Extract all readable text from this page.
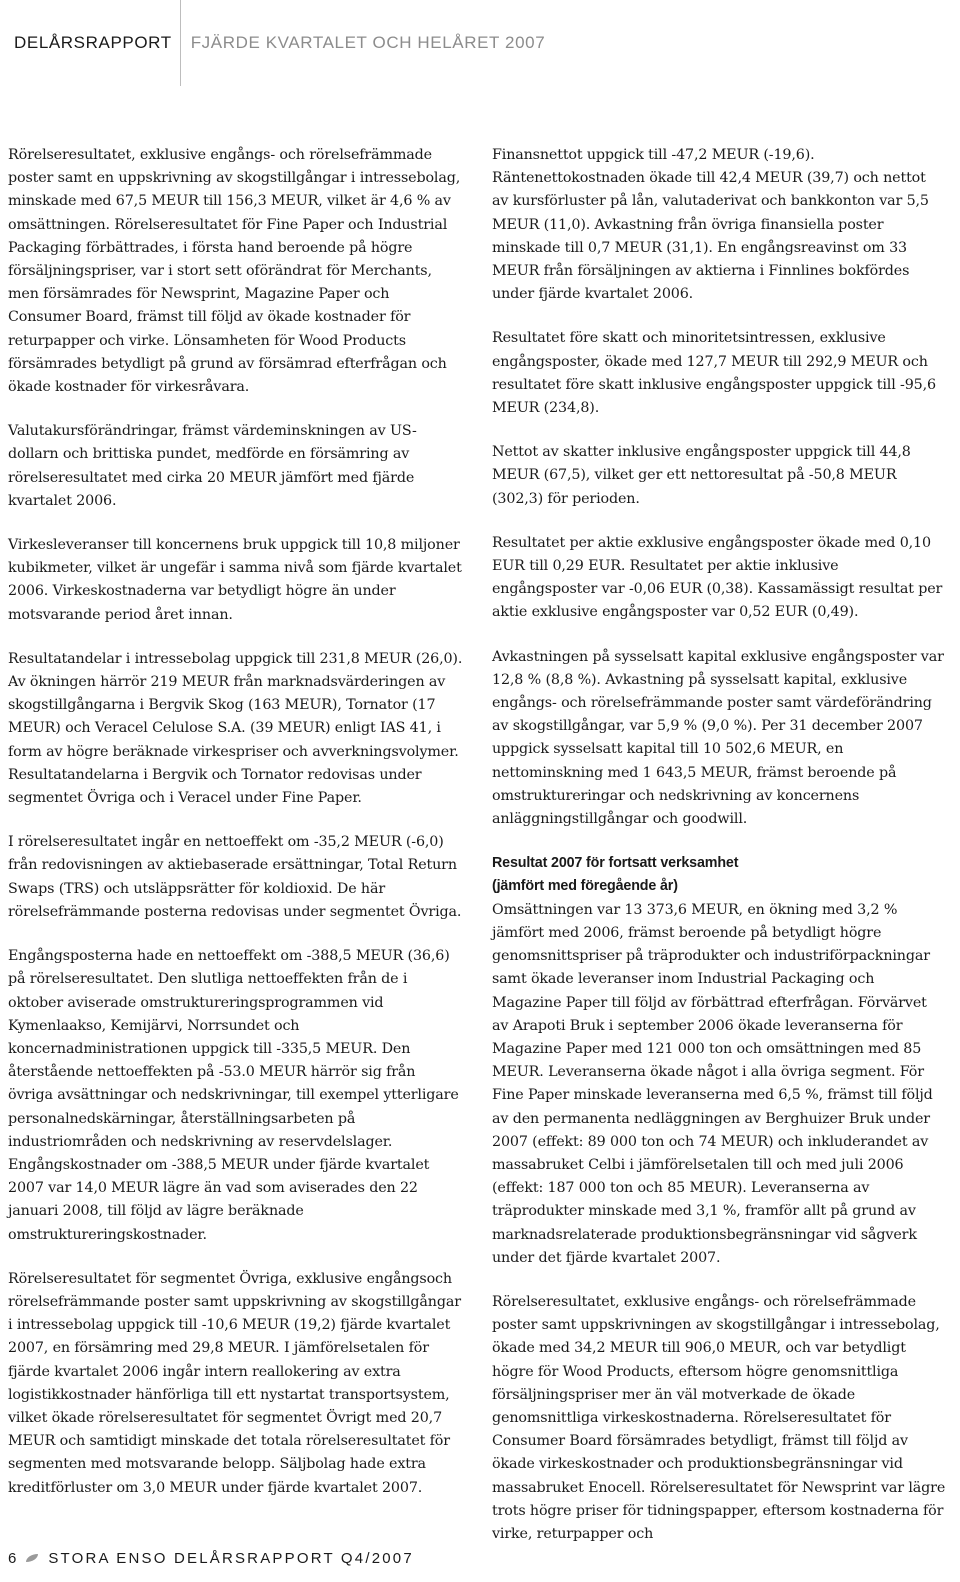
DELÅRSRAPPORT	FJÄRDE KVARTALET OCH HELÅRET 2007

Rörelseresultatet, exklusive engångs- och rörelsefrämmade poster samt en uppskrivning av skogstillgångar i intressebolag, minskade med 67,5 MEUR till 156,3 MEUR, vilket är 4,6 % av omsättningen. Rörelseresultatet för Fine Paper och Industrial Packaging förbättrades, i första hand beroende på högre försäljningspriser, var i stort sett oförändrat för Merchants, men försämrades för Newsprint, Magazine Paper och Consumer Board, främst till följd av ökade kostnader för returpapper och virke. Lönsamheten för Wood Products försämrades betydligt på grund av försämrad efterfrågan och ökade kostnader för virkesråvara.

Valutakursförändringar, främst värdeminskningen av US-dollarn och brittiska pundet, medförde en försämring av rörelseresultatet med cirka 20 MEUR jämfört med fjärde kvartalet 2006.

Virkesleveranser till koncernens bruk uppgick till 10,8 miljoner kubikmeter, vilket är ungefär i samma nivå som fjärde kvartalet 2006. Virkeskostnaderna var betydligt högre än under motsvarande period året innan.

Resultatandelar i intressebolag uppgick till 231,8 MEUR (26,0). Av ökningen härrör 219 MEUR från marknadsvärderingen av skogstillgångarna i Bergvik Skog (163 MEUR), Tornator (17 MEUR) och Veracel Celulose S.A. (39 MEUR) enligt IAS 41, i form av högre beräknade virkespriser och avverkningsvolymer. Resultatandelarna i Bergvik och Tornator redovisas under segmentet Övriga och i Veracel under Fine Paper.

I rörelseresultatet ingår en nettoeffekt om -35,2 MEUR (-6,0) från redovisningen av aktiebaserade ersättningar, Total Return Swaps (TRS) och utsläppsrätter för koldioxid. De här rörelsefrämmande posterna redovisas under segmentet Övriga.

Engångsposterna hade en nettoeffekt om -388,5 MEUR (36,6) på rörelseresultatet. Den slutliga nettoeffekten från de i oktober aviserade omstruktureringsprogrammen vid Kymenlaakso, Kemijärvi, Norrsundet och koncernadministrationen uppgick till -335,5 MEUR. Den återstående nettoeffekten på -53.0 MEUR härrör sig från övriga avsättningar och nedskrivningar, till exempel ytterligare personalnedskärningar, återställningsarbeten på industriområden och nedskrivning av reservdelslager. Engångskostnader om -388,5 MEUR under fjärde kvartalet 2007 var 14,0 MEUR lägre än vad som aviserades den 22 januari 2008, till följd av lägre beräknade omstruktureringskostnader.

Rörelseresultatet för segmentet Övriga, exklusive engångsoch rörelsefrämmande poster samt uppskrivning av skogstillgångar i intressebolag uppgick till -10,6 MEUR (19,2) fjärde kvartalet 2007, en försämring med 29,8 MEUR. I jämförelsetalen för fjärde kvartalet 2006 ingår intern reallokering av extra logistikkostnader hänförliga till ett nystartat transportsystem, vilket ökade rörelseresultatet för segmentet Övrigt med 20,7 MEUR och samtidigt minskade det totala rörelseresultatet för segmenten med motsvarande belopp. Säljbolag hade extra kreditförluster om 3,0 MEUR under fjärde kvartalet 2007.

Finansnettot uppgick till -47,2 MEUR (-19,6). Räntenettokostnaden ökade till 42,4 MEUR (39,7) och nettot av kursförluster på lån, valutaderivat och bankkonton var 5,5 MEUR (11,0). Avkastning från övriga finansiella poster minskade till 0,7 MEUR (31,1). En engångsreavinst om 33 MEUR från försäljningen av aktierna i Finnlines bokfördes under fjärde kvartalet 2006.

Resultatet före skatt och minoritetsintressen, exklusive engångsposter, ökade med 127,7 MEUR till 292,9 MEUR och resultatet före skatt inklusive engångsposter uppgick till -95,6 MEUR (234,8).

Nettot av skatter inklusive engångsposter uppgick till 44,8 MEUR (67,5), vilket ger ett nettoresultat på -50,8 MEUR (302,3) för perioden.

Resultatet per aktie exklusive engångsposter ökade med 0,10 EUR till 0,29 EUR. Resultatet per aktie inklusive engångsposter var -0,06 EUR (0,38). Kassamässigt resultat per aktie exklusive engångsposter var 0,52 EUR (0,49).

Avkastningen på sysselsatt kapital exklusive engångsposter var 12,8 % (8,8 %). Avkastning på sysselsatt kapital, exklusive engångs- och rörelsefrämmande poster samt värdeförändring av skogstillgångar, var 5,9 % (9,0 %). Per 31 december 2007 uppgick sysselsatt kapital till 10 502,6 MEUR, en nettominskning med 1 643,5 MEUR, främst beroende på omstruktureringar och nedskrivning av koncernens anläggningstillgångar och goodwill.

Resultat 2007 för fortsatt verksamhet
(jämfört med föregående år)

Omsättningen var 13 373,6 MEUR, en ökning med 3,2 % jämfört med 2006, främst beroende på betydligt högre genomsnittspriser på träprodukter och industriförpackningar samt ökade leveranser inom Industrial Packaging och Magazine Paper till följd av förbättrad efterfrågan. Förvärvet av Arapoti Bruk i september 2006 ökade leveranserna för Magazine Paper med 121 000 ton och omsättningen med 85 MEUR. Leveranserna ökade något i alla övriga segment. För Fine Paper minskade leveranserna med 6,5 %, främst till följd av den permanenta nedläggningen av Berghuizer Bruk under 2007 (effekt: 89 000 ton och 74 MEUR) och inkluderandet av massabruket Celbi i jämförelsetalen till och med juli 2006 (effekt: 187 000 ton och 85 MEUR). Leveranserna av träprodukter minskade med 3,1 %, framför allt på grund av marknadsrelaterade produktionsbegränsningar vid sågverk under det fjärde kvartalet 2007.

Rörelseresultatet, exklusive engångs- och rörelsefrämmade poster samt uppskrivningen av skogstillgångar i intressebolag, ökade med 34,2 MEUR till 906,0 MEUR, och var betydligt högre för Wood Products, eftersom högre genomsnittliga försäljningspriser mer än väl motverkade de ökade genomsnittliga virkeskostnaderna. Rörelseresultatet för Consumer Board försämrades betydligt, främst till följd av ökade virkeskostnader och produktionsbegränsningar vid massabruket Enocell. Rörelseresultatet för Newsprint var lägre trots högre priser för tidningspapper, eftersom kostnaderna för virke, returpapper och

6 STORA ENSO DELÅRSRAPPORT Q4/2007
